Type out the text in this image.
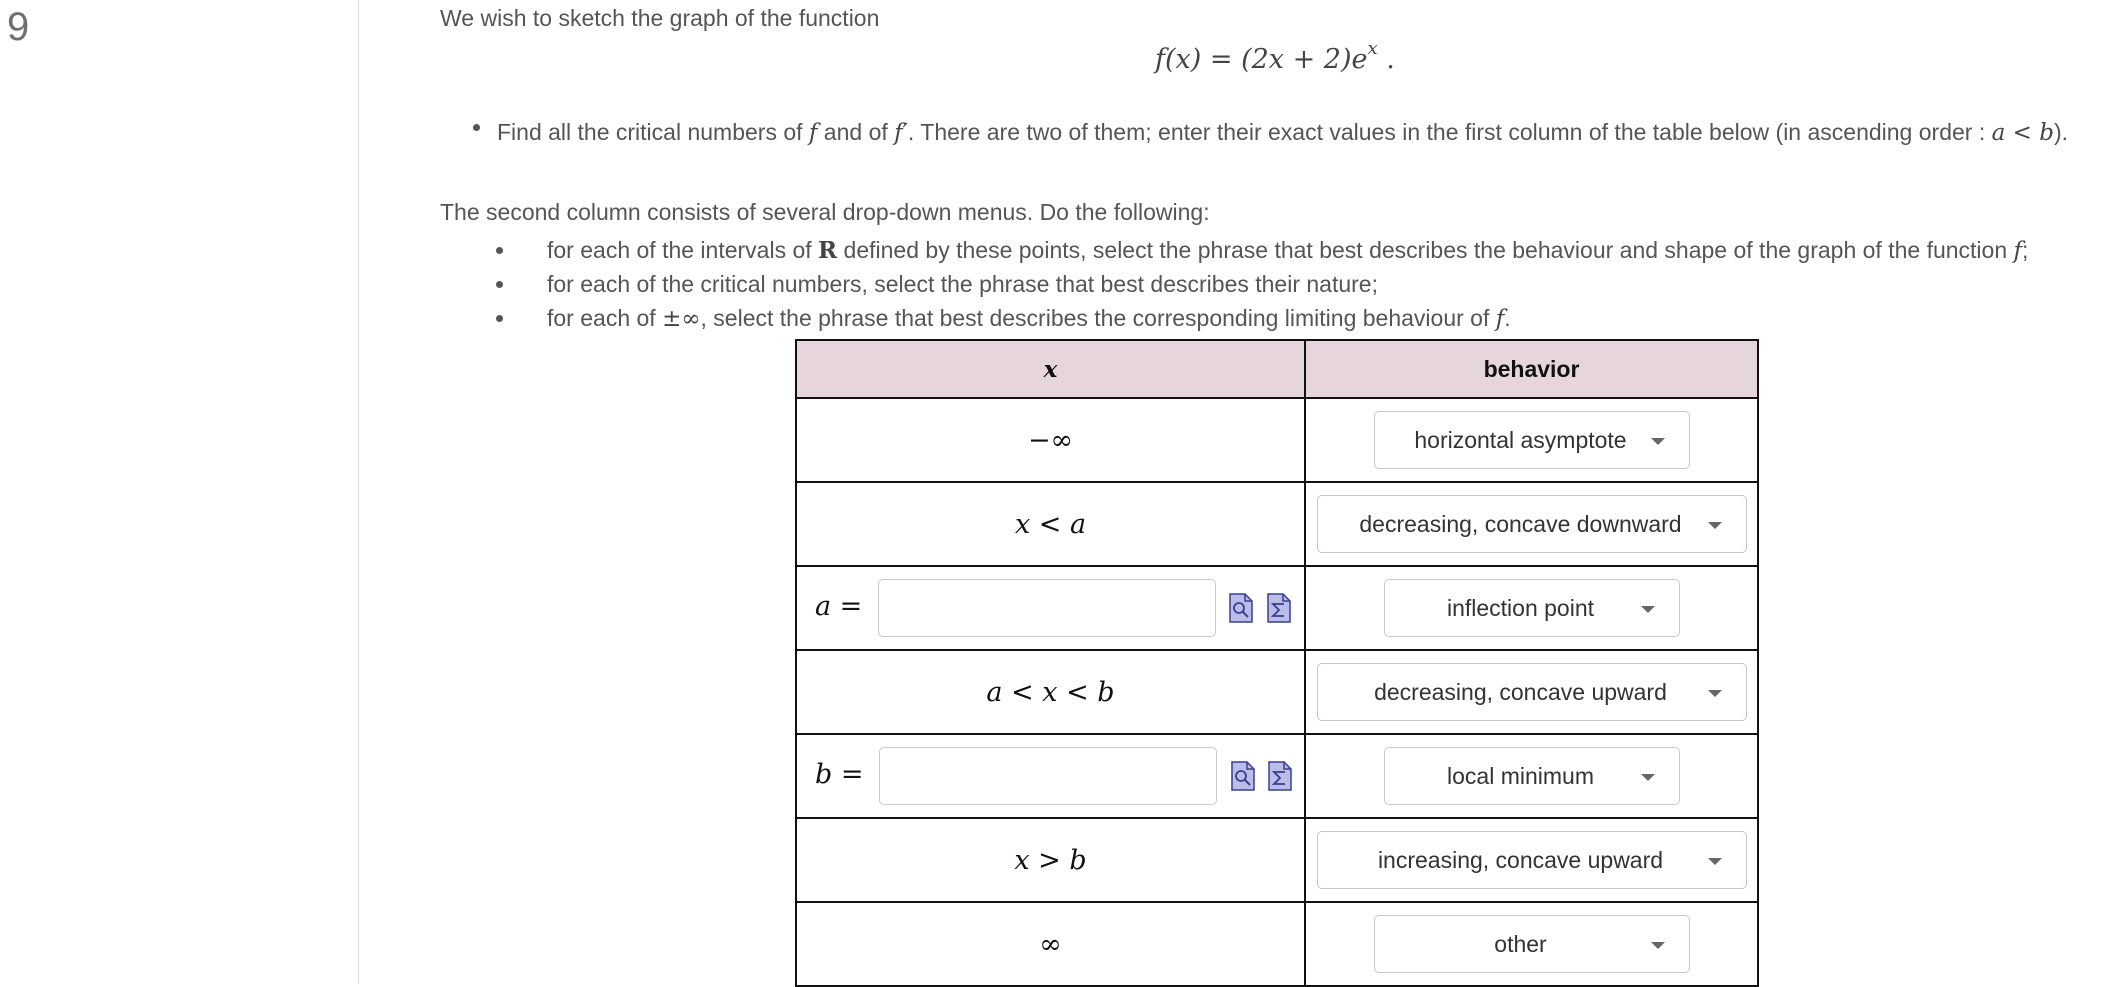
9	We wish to sketch the graph of the function

$f(x) = (2x + 2)e^x$ .
Find all the critical numbers of f and of f′. There are two of them; enter their exact values in the first column of the table below (in ascending order : a < b).

The second column consists of several drop-down menus. Do the following:

for each of the intervals of R defined by these points, select the phrase that best describes the behaviour and shape of the graph of the function f;
for each of the critical numbers, select the phrase that best describes their nature;
for each of ±∞, select the phrase that best describes the corresponding limiting behaviour of f.
x	behavior
−∞	horizontal asymptote

x < a	decreasing, concave downward

a =	inflection point

a < x < b	decreasing, concave upward

b =	local minimum

x > b	increasing, concave upward

∞	other
